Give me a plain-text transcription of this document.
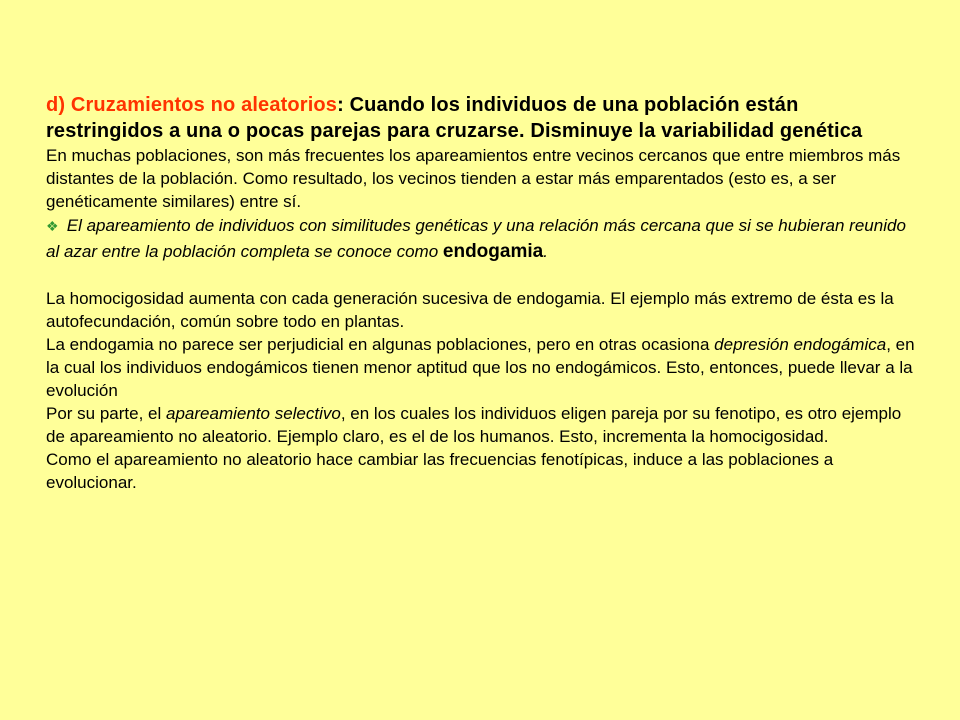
d) Cruzamientos no aleatorios: Cuando los individuos de una población están restringidos a una o pocas parejas para cruzarse. Disminuye la variabilidad genética

En muchas poblaciones, son más frecuentes los apareamientos entre vecinos cercanos que entre miembros más distantes de la población. Como resultado, los vecinos tienden a estar más emparentados (esto es, a ser genéticamente similares) entre sí.

❖ El apareamiento de individuos con similitudes genéticas y una relación más cercana que si se hubieran reunido al azar entre la población completa se conoce como endogamia.

La homocigosidad aumenta con cada generación sucesiva de endogamia. El ejemplo más extremo de ésta es la autofecundación, común sobre todo en plantas.

La endogamia no parece ser perjudicial en algunas poblaciones, pero en otras ocasiona depresión endogámica, en la cual los individuos endogámicos tienen menor aptitud que los no endogámicos. Esto, entonces, puede llevar a la evolución

Por su parte, el apareamiento selectivo, en los cuales los individuos eligen pareja por su fenotipo, es otro ejemplo de apareamiento no aleatorio. Ejemplo claro, es el de los humanos. Esto, incrementa la homocigosidad.

Como el apareamiento no aleatorio hace cambiar las frecuencias fenotípicas, induce a las poblaciones a evolucionar.
